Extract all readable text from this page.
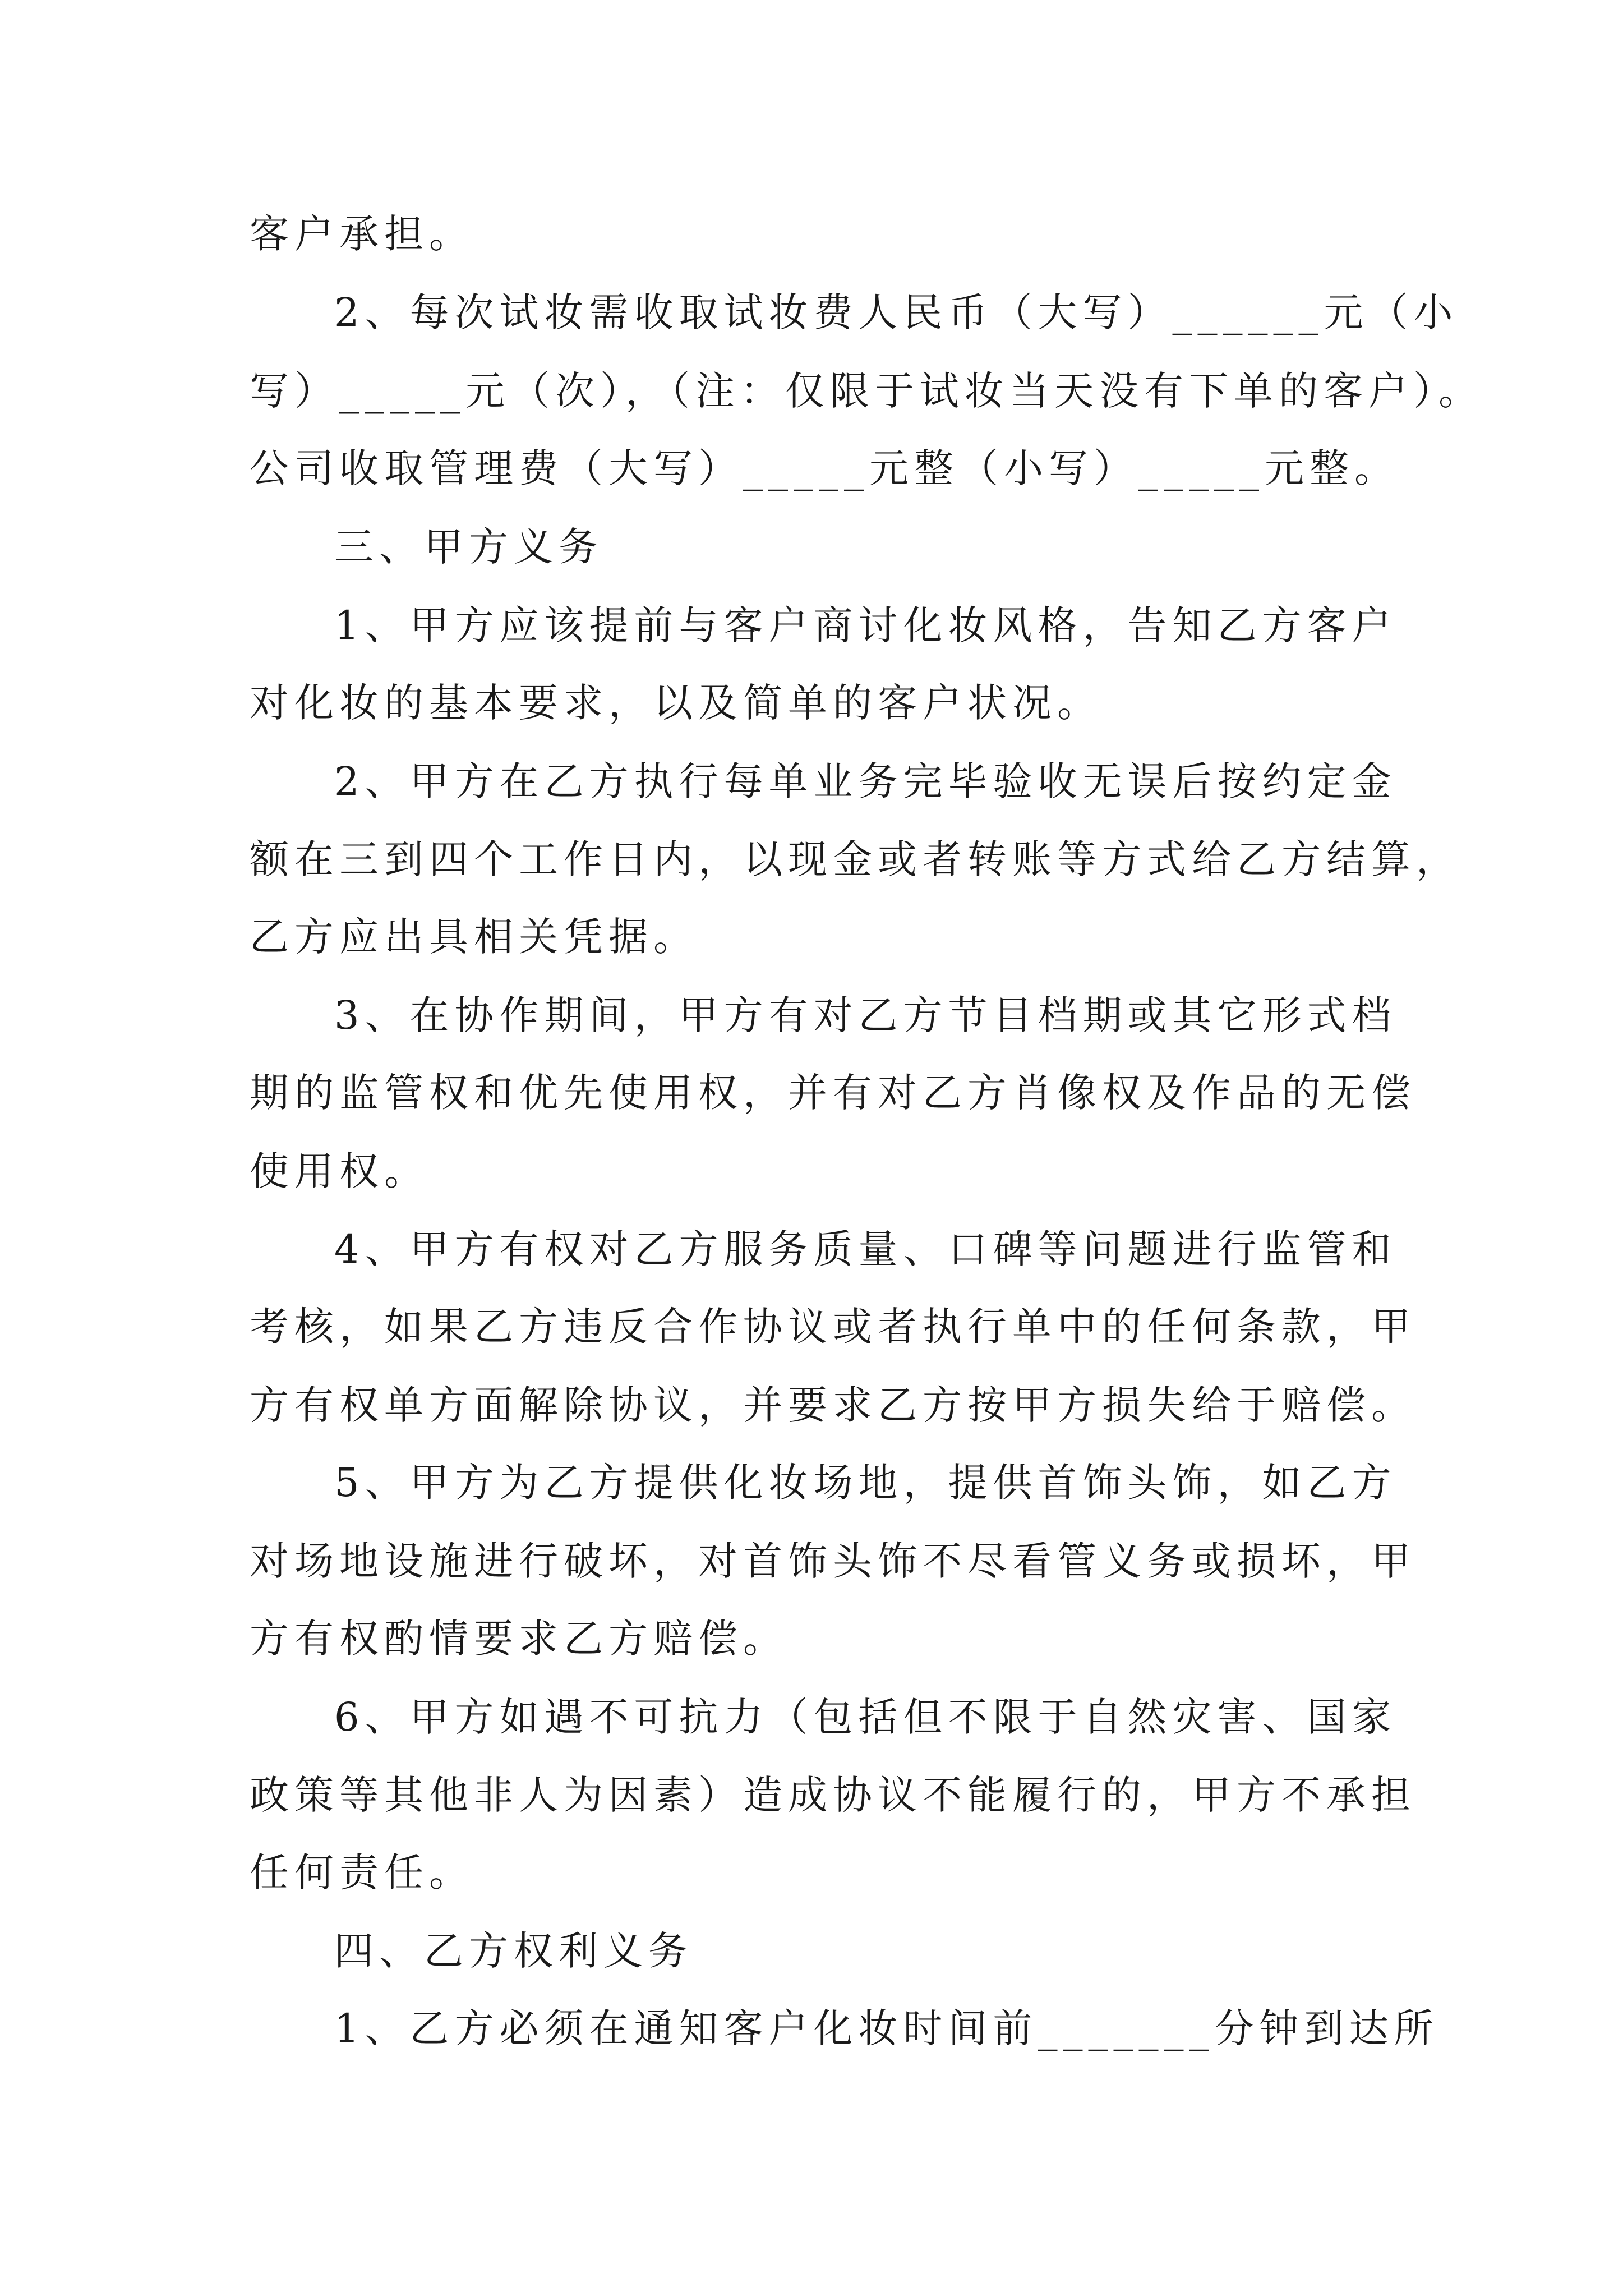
客户承担。
2、每次试妆需收取试妆费人民币（大写）______元（小
写）_____元（次），（注：仅限于试妆当天没有下单的客户）。
公司收取管理费（大写）_____元整（小写）_____元整。
三、甲方义务
1、甲方应该提前与客户商讨化妆风格，告知乙方客户
对化妆的基本要求，以及简单的客户状况。
2、甲方在乙方执行每单业务完毕验收无误后按约定金
额在三到四个工作日内，以现金或者转账等方式给乙方结算，
乙方应出具相关凭据。
3、在协作期间，甲方有对乙方节目档期或其它形式档
期的监管权和优先使用权，并有对乙方肖像权及作品的无偿
使用权。
4、甲方有权对乙方服务质量、口碑等问题进行监管和
考核，如果乙方违反合作协议或者执行单中的任何条款，甲
方有权单方面解除协议，并要求乙方按甲方损失给于赔偿。
5、甲方为乙方提供化妆场地，提供首饰头饰，如乙方
对场地设施进行破坏，对首饰头饰不尽看管义务或损坏，甲
方有权酌情要求乙方赔偿。
6、甲方如遇不可抗力（包括但不限于自然灾害、国家
政策等其他非人为因素）造成协议不能履行的，甲方不承担
任何责任。
四、乙方权利义务
1、乙方必须在通知客户化妆时间前_______分钟到达所
